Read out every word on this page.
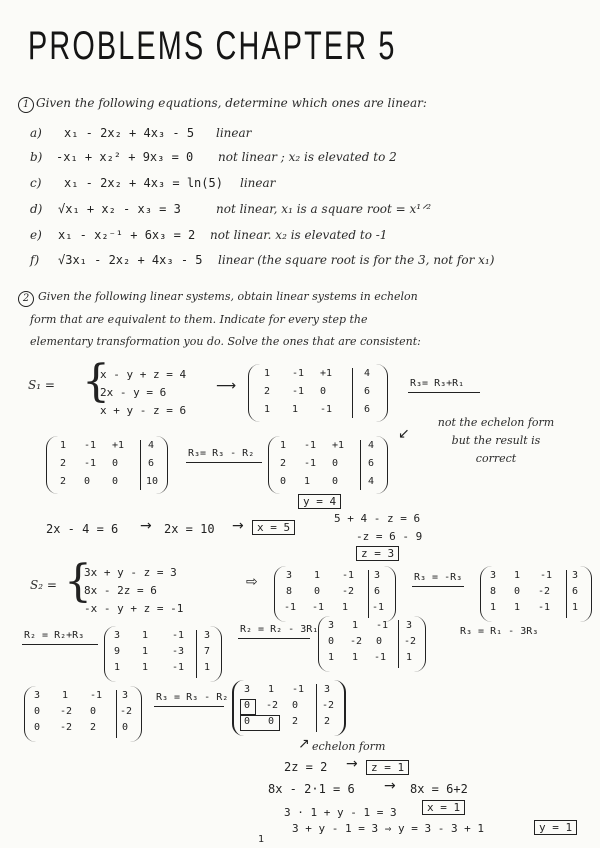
PROBLEMS CHAPTER 5
1 Given the following equations, determine which ones are linear:
a) x₁ - 2x₂ + 4x₃ - 5 linear
b) -x₁ + x₂² + 9x₃ = 0 not linear ; x₂ is elevated to 2
c) x₁ - 2x₂ + 4x₃ = ln(5) linear
d) √x₁ + x₂ - x₃ = 3	not linear, x₁ is a square root = x¹ᐟ²
e) x₁ - x₂⁻¹ + 6x₃ = 2 not linear. x₂ is elevated to -1
f) √3x₁ - 2x₂ + 4x₃ - 5 linear (the square root is for the 3, not for x₁)
2 Given the following linear systems, obtain linear systems in echelon
form that are equivalent to them. Indicate for every step the
elementary transformation you do. Solve the ones that are consistent:
S₁ = {
x - y + z = 4
2x - y = 6
x + y - z = 6
⟶
1 -1 +1	4
2 -1 0	6
1 1 -1	6
R₃= R₃+R₁
1 -1 +1 4
2 -1 0	6
2 0 0	10
R₃= R₃ - R₂
1 -1 +1 4
2 -1 0	6
0 1 0	4
↙
not the echelon form but the result is correct
y = 4
2x - 4 = 6 → 2x = 10 →	x = 5
5 + 4 - z = 6
-z = 6 - 9
z = 3
S₂ = {
3x + y - z = 3
8x - 2z = 6
-x - y + z = -1
⇨	3 1 -1 3
8 0 -2 6
-1 -1 1 -1
R₃ = -R₃	3 1 -1 3
8 0 -2 6
1 1 -1 1
R₂ = R₂+R₃	3 1 -1 3
9 1 -3 7
1 1 -1 1
R₂ = R₂ - 3R₁ 3 1 -1 3
0 -2 0 -2
1 1 -1 1
R₃ = R₁ - 3R₃
3 1 -1 3
0 -2 0 -2
0 -2 2	0
R₃ = R₃ - R₂
3 1 -1 3
0 -2 0 -2
0 0 2	2
↗ echelon form
2z = 2 →	z = 1
8x - 2·1 = 6 → 8x = 6+2
x = 1
3 · 1 + y - 1 = 3
3 + y - 1 = 3 ⇒ y = 3 - 3 + 1	y = 1
1
